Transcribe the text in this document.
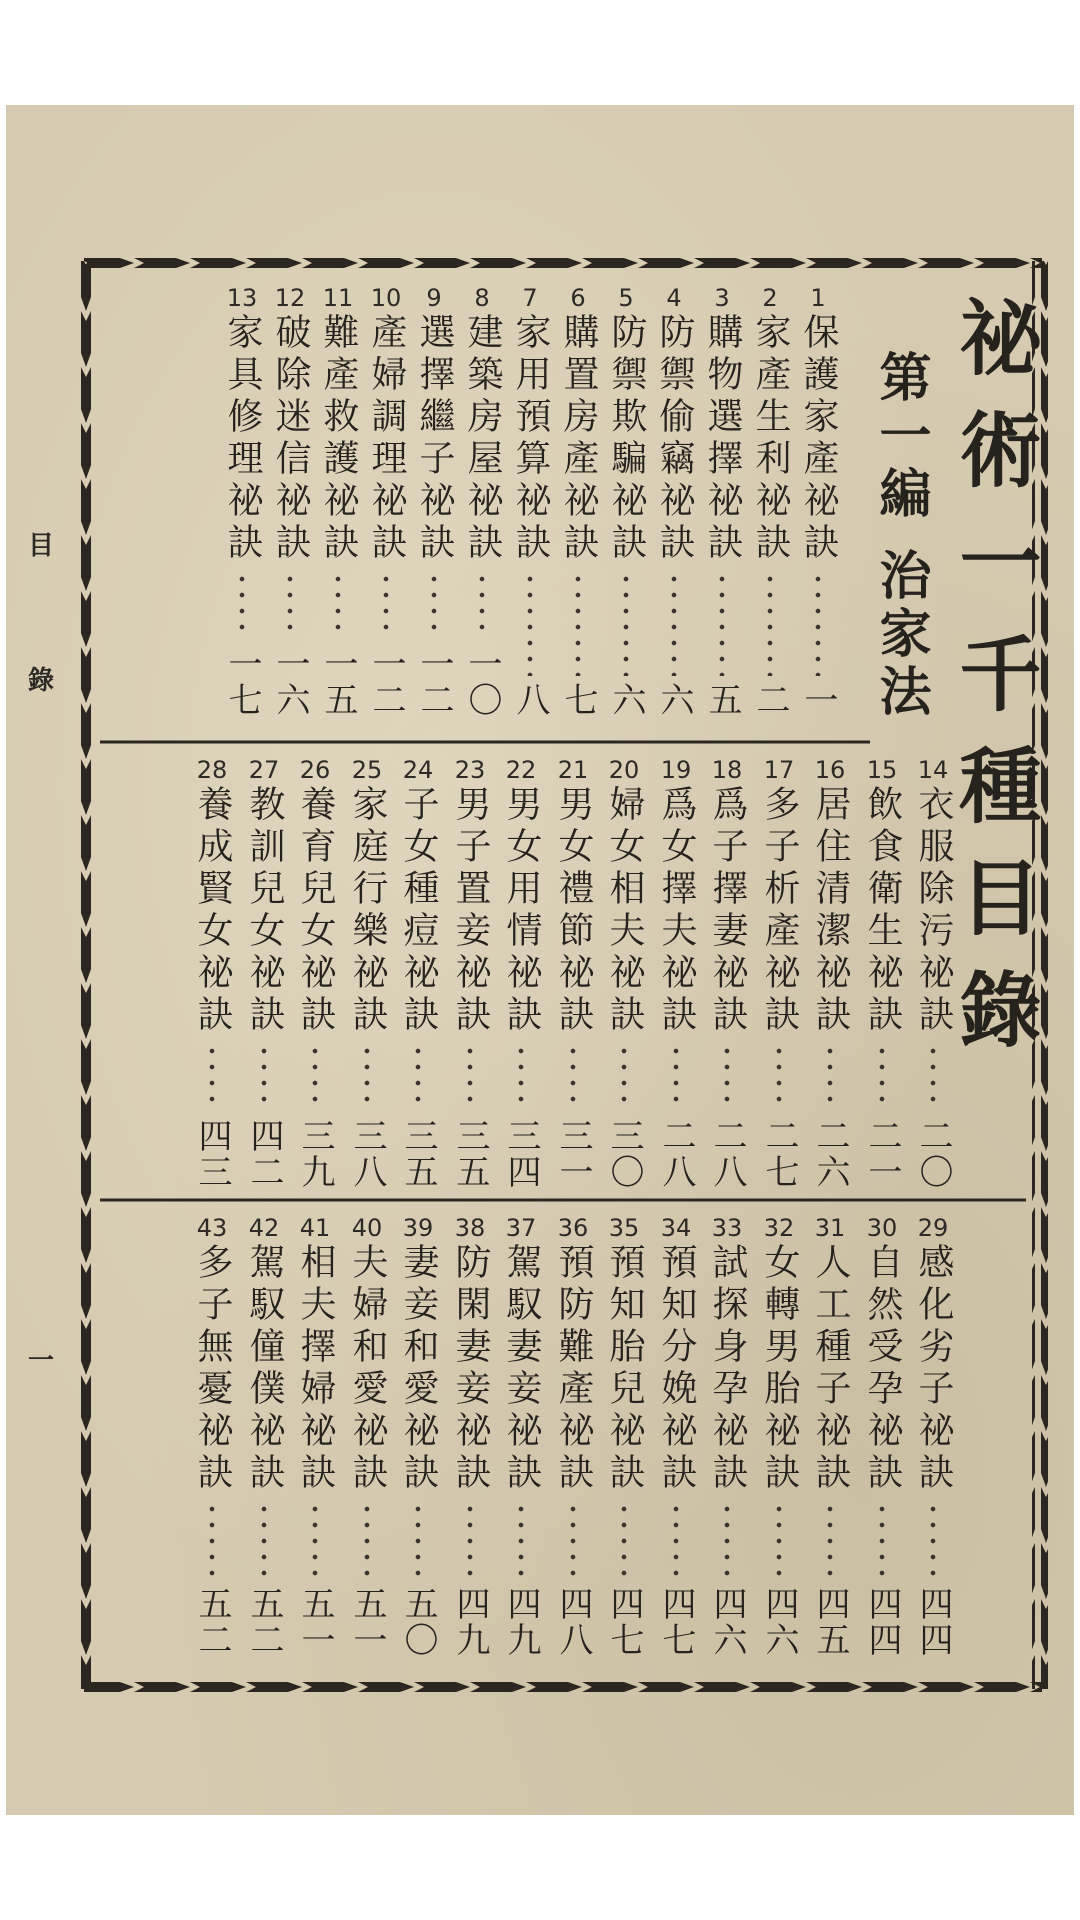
目
錄
一
祕術一千種目錄
第一編 治家法
1
保護家產祕訣
一
2
家產生利祕訣
二
3
購物選擇祕訣
五
4
防禦偷竊祕訣
六
5
防禦欺騙祕訣
六
6
購置房產祕訣
七
7
家用預算祕訣
八
8
建築房屋祕訣
一〇
9
選擇繼子祕訣
一二
10
產婦調理祕訣
一二
11
難產救護祕訣
一五
12
破除迷信祕訣
一六
13
家具修理祕訣
一七
14
衣服除污祕訣
二〇
15
飲食衛生祕訣
二一
16
居住清潔祕訣
二六
17
多子析產祕訣
二七
18
爲子擇妻祕訣
二八
19
爲女擇夫祕訣
二八
20
婦女相夫祕訣
三〇
21
男女禮節祕訣
三一
22
男女用情祕訣
三四
23
男子置妾祕訣
三五
24
子女種痘祕訣
三五
25
家庭行樂祕訣
三八
26
養育兒女祕訣
三九
27
教訓兒女祕訣
四二
28
養成賢女祕訣
四三
29
感化劣子祕訣
四四
30
自然受孕祕訣
四四
31
人工種子祕訣
四五
32
女轉男胎祕訣
四六
33
試探身孕祕訣
四六
34
預知分娩祕訣
四七
35
預知胎兒祕訣
四七
36
預防難產祕訣
四八
37
駕馭妻妾祕訣
四九
38
防閑妻妾祕訣
四九
39
妻妾和愛祕訣
五〇
40
夫婦和愛祕訣
五一
41
相夫擇婦祕訣
五一
42
駕馭僮僕祕訣
五二
43
多子無憂祕訣
五二
